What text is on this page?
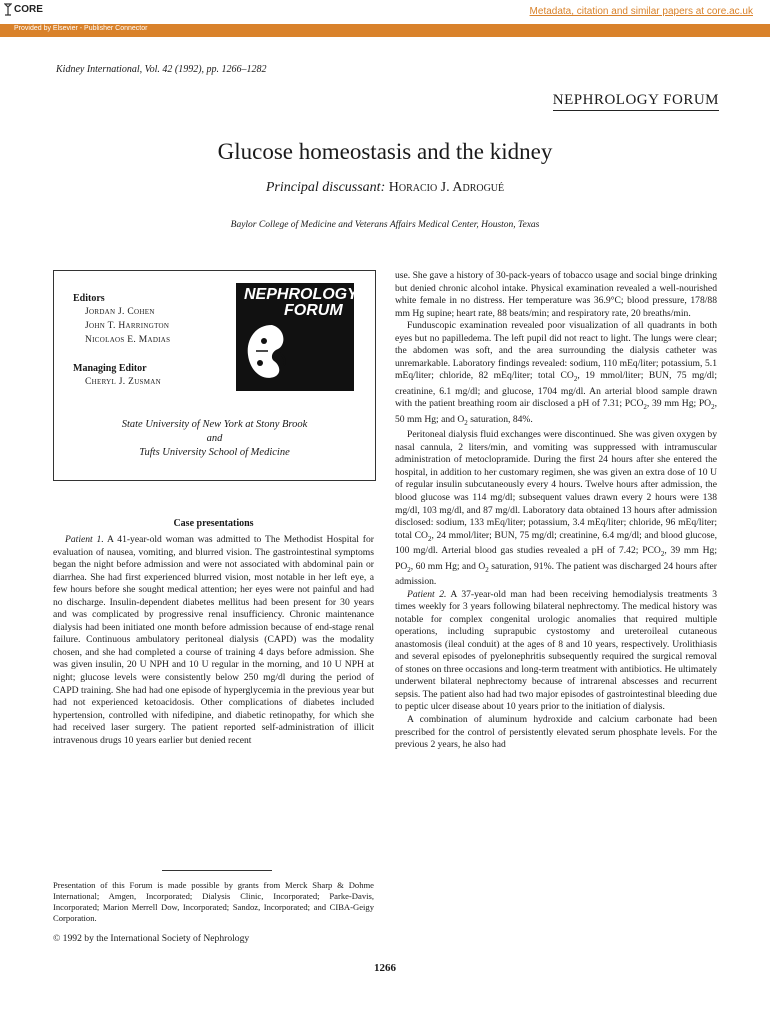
CORE	Metadata, citation and similar papers at core.ac.uk
Provided by Elsevier - Publisher Connector
Kidney International, Vol. 42 (1992), pp. 1266–1282
NEPHROLOGY FORUM
Glucose homeostasis and the kidney
Principal discussant: Horacio J. Adrogué
Baylor College of Medicine and Veterans Affairs Medical Center, Houston, Texas
Editors
Jordan J. Cohen
John T. Harrington
Nicolaos E. Madias
Managing Editor
Cheryl J. Zusman
NEPHROLOGY
FORUM
State University of New York at Stony Brook
and
Tufts University School of Medicine
Case presentations

Patient 1. A 41-year-old woman was admitted to The Methodist Hospital for evaluation of nausea, vomiting, and blurred vision. The gastrointestinal symptoms began the night before admission and were not associated with abdominal pain or diarrhea. She had first experienced blurred vision, most notable in her left eye, a few hours before she sought medical attention; her eyes were not painful and had no discharge. Insulin-dependent diabetes mellitus had been present for 30 years and was complicated by progressive renal insufficiency. Chronic maintenance dialysis had been initiated one month before admission because of end-stage renal failure. Continuous ambulatory peritoneal dialysis (CAPD) was the modality chosen, and she had completed a course of training 4 days before admission. She was given insulin, 20 U NPH and 10 U regular in the morning, and 10 U NPH at night; glucose levels were consistently below 250 mg/dl during the period of CAPD training. She had had one episode of hyperglycemia in the previous year but had not experienced ketoacidosis. Other complications of diabetes included hypertension, controlled with nifedipine, and diabetic retinopathy, for which she had received laser surgery. The patient reported self-administration of illicit intravenous drugs 10 years earlier but denied recent

Presentation of this Forum is made possible by grants from Merck Sharp & Dohme International; Amgen, Incorporated; Dialysis Clinic, Incorporated; Parke-Davis, Incorporated; Marion Merrell Dow, Incorporated; Sandoz, Incorporated; and CIBA-Geigy Corporation.
© 1992 by the International Society of Nephrology

use. She gave a history of 30-pack-years of tobacco usage and social binge drinking but denied chronic alcohol intake. Physical examination revealed a well-nourished white female in no distress. Her temperature was 36.9°C; blood pressure, 178/88 mm Hg supine; heart rate, 88 beats/min; and respiratory rate, 20 breaths/min.

Funduscopic examination revealed poor visualization of all quadrants in both eyes but no papilledema. The left pupil did not react to light. The lungs were clear; the abdomen was soft, and the area surrounding the dialysis catheter was unremarkable. Laboratory findings revealed: sodium, 110 mEq/liter; potassium, 5.1 mEq/liter; chloride, 82 mEq/liter; total $CO_2$, 19 mmol/liter; BUN, 75 mg/dl; creatinine, 6.1 mg/dl; and glucose, 1704 mg/dl. An arterial blood sample drawn with the patient breathing room air disclosed a pH of 7.31; $PCO_2$, 39 mm Hg; $PO_2$, 50 mm Hg; and $O_2$ saturation, 84%.

Peritoneal dialysis fluid exchanges were discontinued. She was given oxygen by nasal cannula, 2 liters/min, and vomiting was suppressed with intramuscular administration of metoclopramide. During the first 24 hours after she entered the hospital, in addition to her customary regimen, she was given an extra dose of 10 U of regular insulin subcutaneously every 4 hours. Twelve hours after admission, the blood glucose was 114 mg/dl; subsequent values drawn every 2 hours were 138 mg/dl, 103 mg/dl, and 87 mg/dl. Laboratory data obtained 13 hours after admission disclosed: sodium, 133 mEq/liter; potassium, 3.4 mEq/liter; chloride, 96 mEq/liter; total $CO_2$, 24 mmol/liter; BUN, 75 mg/dl; creatinine, 6.4 mg/dl; and blood glucose, 100 mg/dl. Arterial blood gas studies revealed a pH of 7.42; $PCO_2$, 39 mm Hg; $PO_2$, 60 mm Hg; and $O_2$ saturation, 91%. The patient was discharged 24 hours after admission.

Patient 2. A 37-year-old man had been receiving hemodialysis treatments 3 times weekly for 3 years following bilateral nephrectomy. The medical history was notable for complex congenital urologic anomalies that required multiple operations, including suprapubic cystostomy and ureteroileal cutaneous anastomosis (ileal conduit) at the ages of 8 and 10 years, respectively. Urolithiasis and several episodes of pyelonephritis subsequently required the surgical removal of stones on three occasions and long-term treatment with antibiotics. He ultimately underwent bilateral nephrectomy because of intrarenal abscesses and recurrent sepsis. The patient also had had two major episodes of gastrointestinal bleeding due to peptic ulcer disease about 10 years prior to the initiation of dialysis.

A combination of aluminum hydroxide and calcium carbonate had been prescribed for the control of persistently elevated serum phosphate levels. For the previous 2 years, he also had

1266
